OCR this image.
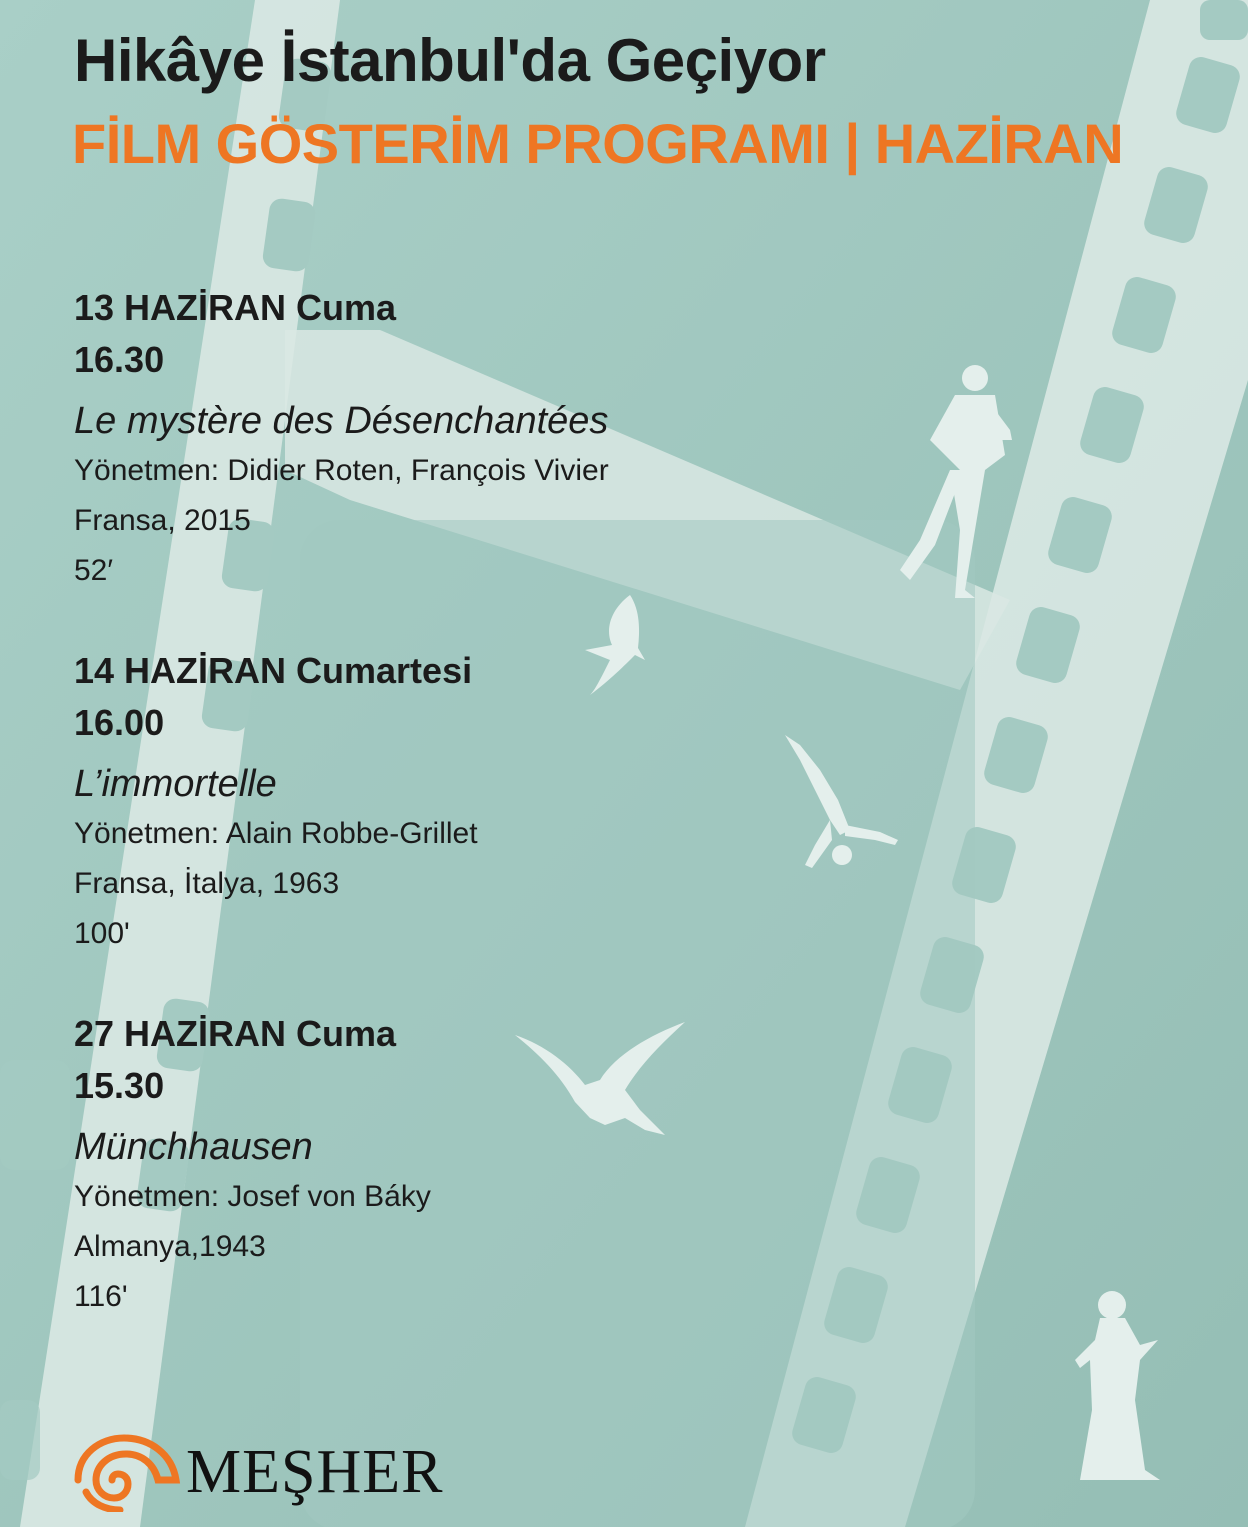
Hikâye İstanbul'da Geçiyor
FİLM GÖSTERİM PROGRAMI | HAZİRAN
13 HAZİRAN Cuma
16.30
Le mystère des Désenchantées
Yönetmen: Didier Roten, François Vivier
Fransa, 2015
52′
14 HAZİRAN Cumartesi
16.00
L’immortelle
Yönetmen: Alain Robbe-Grillet
Fransa, İtalya, 1963
100'
27 HAZİRAN Cuma
15.30
Münchhausen
Yönetmen: Josef von Báky
Almanya,1943
116'
MEŞHER
